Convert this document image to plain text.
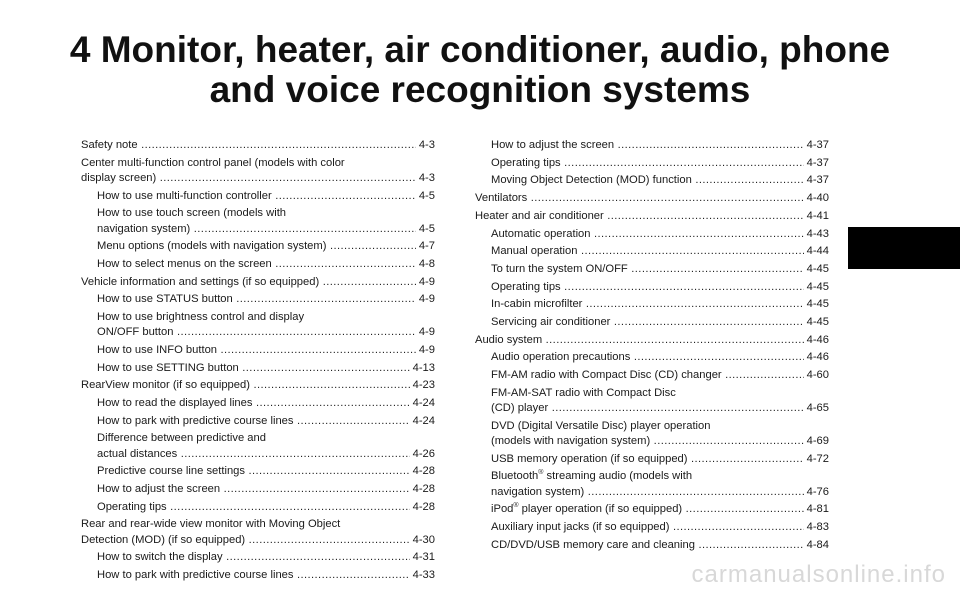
4 Monitor, heater, air conditioner, audio, phone
and voice recognition systems
Safety note .....	4-3
Center multi-function control panel (models with color
display screen) .....	4-3
How to use multi-function controller .....	4-5
How to use touch screen (models with
navigation system) .....	4-5
Menu options (models with navigation system) .....	4-7
How to select menus on the screen .....	4-8
Vehicle information and settings (if so equipped) .....	4-9
How to use STATUS button .....	4-9
How to use brightness control and display
ON/OFF button .....	4-9
How to use INFO button .....	4-9
How to use SETTING button .....	4-13
RearView monitor (if so equipped) .....	4-23
How to read the displayed lines .....	4-24
How to park with predictive course lines .....	4-24
Difference between predictive and
actual distances .....	4-26
Predictive course line settings .....	4-28
How to adjust the screen .....	4-28
Operating tips .....	4-28
Rear and rear-wide view monitor with Moving Object
Detection (MOD) (if so equipped) .....	4-30
How to switch the display .....	4-31
How to park with predictive course lines .....	4-33
How to adjust the screen .....	4-37
Operating tips .....	4-37
Moving Object Detection (MOD) function .....	4-37
Ventilators .....	4-40
Heater and air conditioner .....	4-41
Automatic operation .....	4-43
Manual operation .....	4-44
To turn the system ON/OFF .....	4-45
Operating tips .....	4-45
In-cabin microfilter .....	4-45
Servicing air conditioner .....	4-45
Audio system .....	4-46
Audio operation precautions .....	4-46
FM-AM radio with Compact Disc (CD) changer .....	4-60
FM-AM-SAT radio with Compact Disc
(CD) player .....	4-65
DVD (Digital Versatile Disc) player operation
(models with navigation system) .....	4-69
USB memory operation (if so equipped) .....	4-72
Bluetooth® streaming audio (models with
navigation system) .....	4-76
iPod® player operation (if so equipped) .....	4-81
Auxiliary input jacks (if so equipped) .....	4-83
CD/DVD/USB memory care and cleaning .....	4-84
carmanualsonline.info
